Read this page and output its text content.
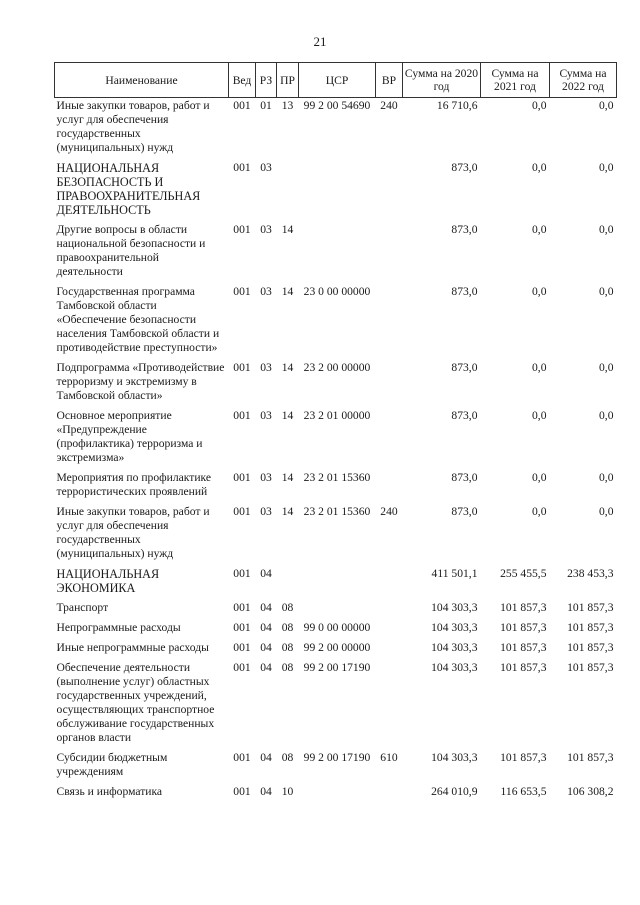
21
Наименование	Вед	РЗ	ПР	ЦСР	ВР	Сумма на 2020 год	Сумма на 2021 год	Сумма на 2022 год
Иные закупки товаров, работ и услуг для обеспечения государственных (муниципальных) нужд	001	01	13	99 2 00 54690	240	16 710,6	0,0	0,0
НАЦИОНАЛЬНАЯ БЕЗОПАСНОСТЬ И ПРАВООХРАНИТЕЛЬНАЯ ДЕЯТЕЛЬНОСТЬ	001	03				873,0	0,0	0,0
Другие вопросы в области национальной безопасности и правоохранительной деятельности	001	03	14			873,0	0,0	0,0
Государственная программа Тамбовской области «Обеспечение безопасности населения Тамбовской области и противодействие преступности»	001	03	14	23 0 00 00000		873,0	0,0	0,0
Подпрограмма «Противодействие терроризму и экстремизму в Тамбовской области»	001	03	14	23 2 00 00000		873,0	0,0	0,0
Основное мероприятие «Предупреждение (профилактика) терроризма и экстремизма»	001	03	14	23 2 01 00000		873,0	0,0	0,0
Мероприятия по профилактике террористических проявлений	001	03	14	23 2 01 15360		873,0	0,0	0,0
Иные закупки товаров, работ и услуг для обеспечения государственных (муниципальных) нужд	001	03	14	23 2 01 15360	240	873,0	0,0	0,0
НАЦИОНАЛЬНАЯ ЭКОНОМИКА	001	04				411 501,1	255 455,5	238 453,3
Транспорт	001	04	08			104 303,3	101 857,3	101 857,3
Непрограммные расходы	001	04	08	99 0 00 00000		104 303,3	101 857,3	101 857,3
Иные непрограммные расходы	001	04	08	99 2 00 00000		104 303,3	101 857,3	101 857,3
Обеспечение деятельности (выполнение услуг) областных государственных учреждений, осуществляющих транспортное обслуживание государственных органов власти	001	04	08	99 2 00 17190		104 303,3	101 857,3	101 857,3
Субсидии бюджетным учреждениям	001	04	08	99 2 00 17190	610	104 303,3	101 857,3	101 857,3
Связь и информатика	001	04	10			264 010,9	116 653,5	106 308,2
